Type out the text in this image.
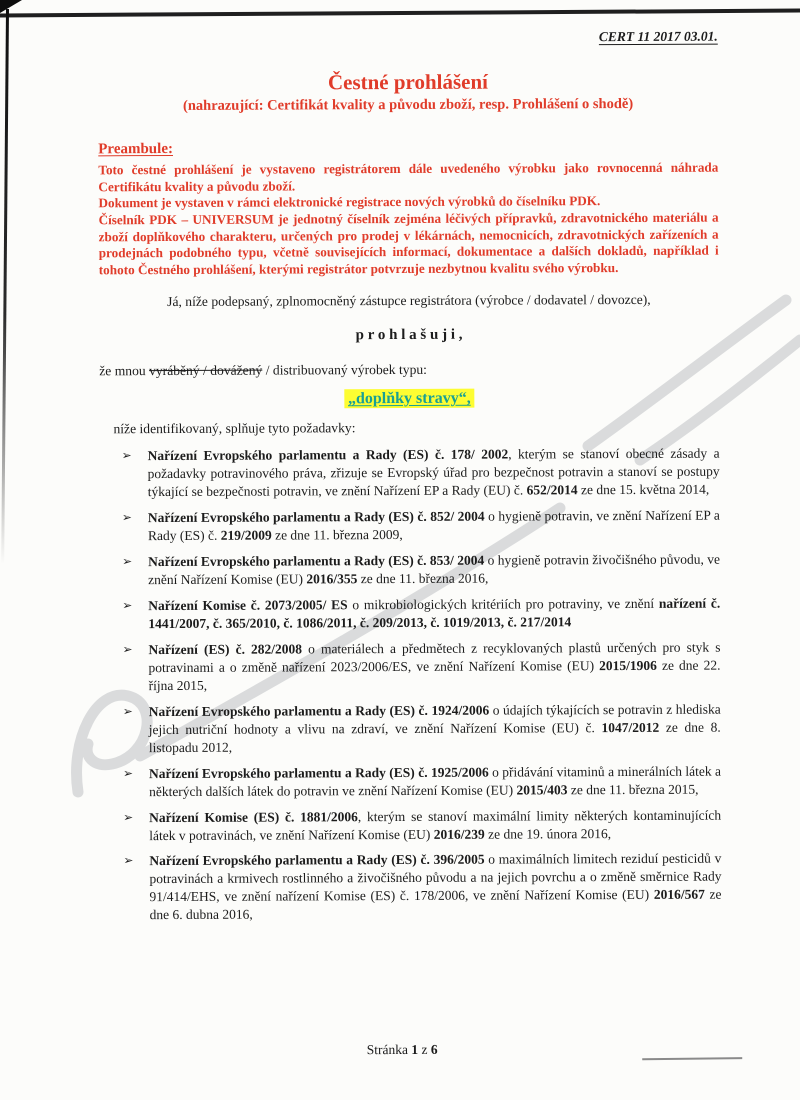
CERT 11 2017 03.01.
Čestné prohlášení
(nahrazující: Certifikát kvality a původu zboží, resp. Prohlášení o shodě)
Preambule:
Toto čestné prohlášení je vystaveno registrátorem dále uvedeného výrobku jako rovnocenná náhrada Certifikátu kvality a původu zboží.
Dokument je vystaven v rámci elektronické registrace nových výrobků do číselníku PDK.
Číselník PDK – UNIVERSUM je jednotný číselník zejména léčivých přípravků, zdravotnického materiálu a zboží doplňkového charakteru, určených pro prodej v lékárnách, nemocnicích, zdravotnických zařízeních a prodejnách podobného typu, včetně souvisejících informací, dokumentace a dalších dokladů, například i tohoto Čestného prohlášení, kterými registrátor potvrzuje nezbytnou kvalitu svého výrobku.
Já, níže podepsaný, zplnomocněný zástupce registrátora (výrobce / dodavatel / dovozce),
p r o h l a š u j i ,
že mnou vyráběný / dovážený / distribuovaný výrobek typu:
„doplňky stravy“,
níže identifikovaný, splňuje tyto požadavky:
➢	Nařízení Evropského parlamentu a Rady (ES) č. 178/ 2002, kterým se stanoví obecné zásady a požadavky potravinového práva, zřizuje se Evropský úřad pro bezpečnost potravin a stanoví se postupy týkající se bezpečnosti potravin, ve znění Nařízení EP a Rady (EU) č. 652/2014 ze dne 15. května 2014,
➢	Nařízení Evropského parlamentu a Rady (ES) č. 852/ 2004 o hygieně potravin, ve znění Nařízení EP a Rady (ES) č. 219/2009 ze dne 11. března 2009,
➢	Nařízení Evropského parlamentu a Rady (ES) č. 853/ 2004 o hygieně potravin živočišného původu, ve znění Nařízení Komise (EU) 2016/355 ze dne 11. března 2016,
➢	Nařízení Komise č. 2073/2005/ ES o mikrobiologických kritériích pro potraviny, ve znění nařízení č. 1441/2007, č. 365/2010, č. 1086/2011, č. 209/2013, č. 1019/2013, č. 217/2014
➢	Nařízení (ES) č. 282/2008 o materiálech a předmětech z recyklovaných plastů určených pro styk s potravinami a o změně nařízení 2023/2006/ES, ve znění Nařízení Komise (EU) 2015/1906 ze dne 22. října 2015,
➢	Nařízení Evropského parlamentu a Rady (ES) č. 1924/2006 o údajích týkajících se potravin z hlediska jejich nutriční hodnoty a vlivu na zdraví, ve znění Nařízení Komise (EU) č. 1047/2012 ze dne 8. listopadu 2012,
➢	Nařízení Evropského parlamentu a Rady (ES) č. 1925/2006 o přidávání vitaminů a minerálních látek a některých dalších látek do potravin ve znění Nařízení Komise (EU) 2015/403 ze dne 11. března 2015,
➢	Nařízení Komise (ES) č. 1881/2006, kterým se stanoví maximální limity některých kontaminujících látek v potravinách, ve znění Nařízení Komise (EU) 2016/239 ze dne 19. února 2016,
➢	Nařízení Evropského parlamentu a Rady (ES) č. 396/2005 o maximálních limitech reziduí pesticidů v potravinách a krmivech rostlinného a živočišného původu a na jejich povrchu a o změně směrnice Rady 91/414/EHS, ve znění nařízení Komise (ES) č. 178/2006, ve znění Nařízení Komise (EU) 2016/567 ze dne 6. dubna 2016,
Stránka 1 z 6
